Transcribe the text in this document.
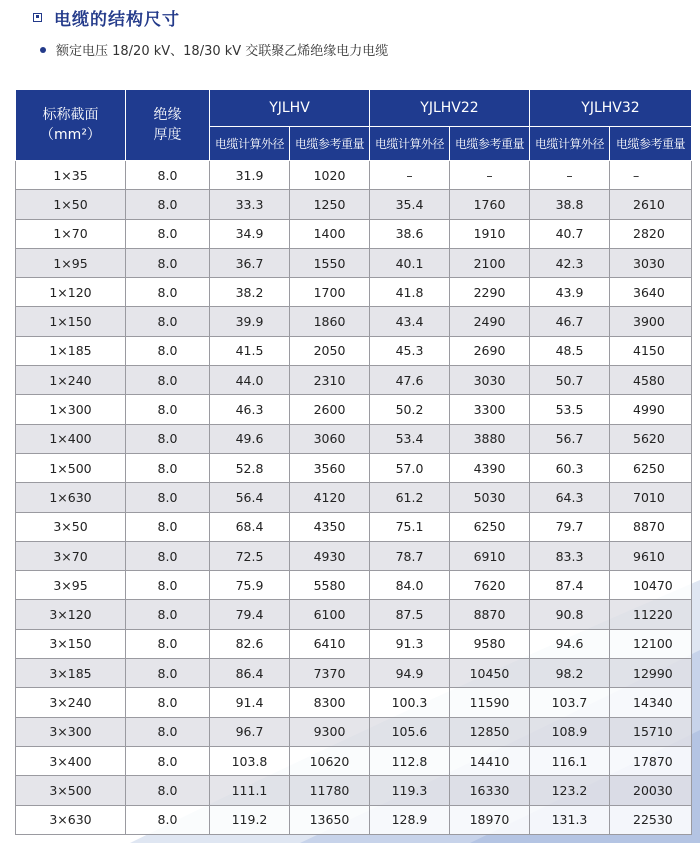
电缆的结构尺寸
额定电压 18/20 kV、18/30 kV 交联聚乙烯绝缘电力电缆
标称截面
（mm²）	绝缘
厚度	YJLHV		YJLHV22		YJLHV32	
		电缆计算外径	电缆参考重量	电缆计算外径	电缆参考重量	电缆计算外径	电缆参考重量
1×35	8.0	31.9	1020	–	–	–	–
1×50	8.0	33.3	1250	35.4	1760	38.8	2610
1×70	8.0	34.9	1400	38.6	1910	40.7	2820
1×95	8.0	36.7	1550	40.1	2100	42.3	3030
1×120	8.0	38.2	1700	41.8	2290	43.9	3640
1×150	8.0	39.9	1860	43.4	2490	46.7	3900
1×185	8.0	41.5	2050	45.3	2690	48.5	4150
1×240	8.0	44.0	2310	47.6	3030	50.7	4580
1×300	8.0	46.3	2600	50.2	3300	53.5	4990
1×400	8.0	49.6	3060	53.4	3880	56.7	5620
1×500	8.0	52.8	3560	57.0	4390	60.3	6250
1×630	8.0	56.4	4120	61.2	5030	64.3	7010
3×50	8.0	68.4	4350	75.1	6250	79.7	8870
3×70	8.0	72.5	4930	78.7	6910	83.3	9610
3×95	8.0	75.9	5580	84.0	7620	87.4	10470
3×120	8.0	79.4	6100	87.5	8870	90.8	11220
3×150	8.0	82.6	6410	91.3	9580	94.6	12100
3×185	8.0	86.4	7370	94.9	10450	98.2	12990
3×240	8.0	91.4	8300	100.3	11590	103.7	14340
3×300	8.0	96.7	9300	105.6	12850	108.9	15710
3×400	8.0	103.8	10620	112.8	14410	116.1	17870
3×500	8.0	111.1	11780	119.3	16330	123.2	20030
3×630	8.0	119.2	13650	128.9	18970	131.3	22530
